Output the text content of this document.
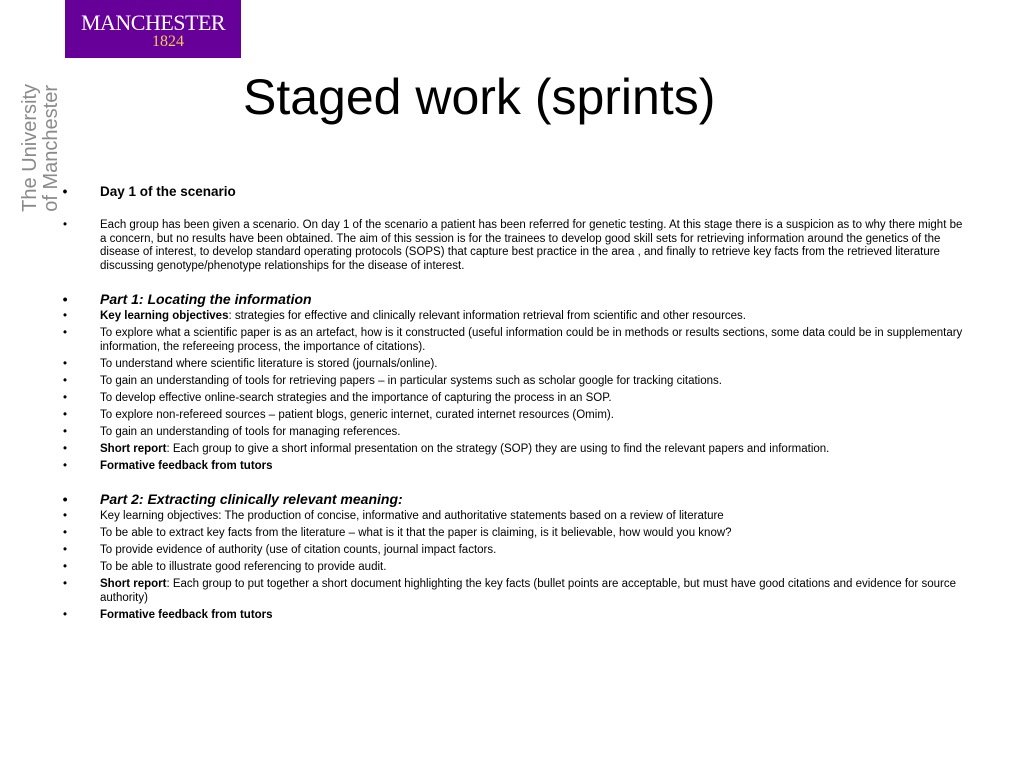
MANCHESTER
1824
The University of Manchester	Staged work (sprints)
• Day 1 of the scenario
•	Each group has been given a scenario. On day 1 of the scenario a patient has been referred for genetic testing. At this stage there is a suspicion as to why there might be a concern, but no results have been obtained. The aim of this session is for the trainees to develop good skill sets for retrieving information around the genetics of the disease of interest, to develop standard operating protocols (SOPS) that capture best practice in the area , and finally to retrieve key facts from the retrieved literature discussing genotype/phenotype relationships for the disease of interest.
• Part 1: Locating the information
•	Key learning objectives: strategies for effective and clinically relevant information retrieval from scientific and other resources.
•	To explore what a scientific paper is as an artefact, how is it constructed (useful information could be in methods or results sections, some data could be in supplementary information, the refereeing process, the importance of citations).
•	To understand where scientific literature is stored (journals/online).
•	To gain an understanding of tools for retrieving papers – in particular systems such as scholar google for tracking citations.
•	To develop effective online-search strategies and the importance of capturing the process in an SOP.
•	To explore non-refereed sources – patient blogs, generic internet, curated internet resources (Omim).
•	To gain an understanding of tools for managing references.
•	Short report: Each group to give a short informal presentation on the strategy (SOP) they are using to find the relevant papers and information.
•	Formative feedback from tutors
• Part 2: Extracting clinically relevant meaning:
•	Key learning objectives: The production of concise, informative and authoritative statements based on a review of literature
•	To be able to extract key facts from the literature – what is it that the paper is claiming, is it believable, how would you know?
•	To provide evidence of authority (use of citation counts, journal impact factors.
•	To be able to illustrate good referencing to provide audit.
•	Short report: Each group to put together a short document highlighting the key facts (bullet points are acceptable, but must have good citations and evidence for source authority)
•	Formative feedback from tutors
